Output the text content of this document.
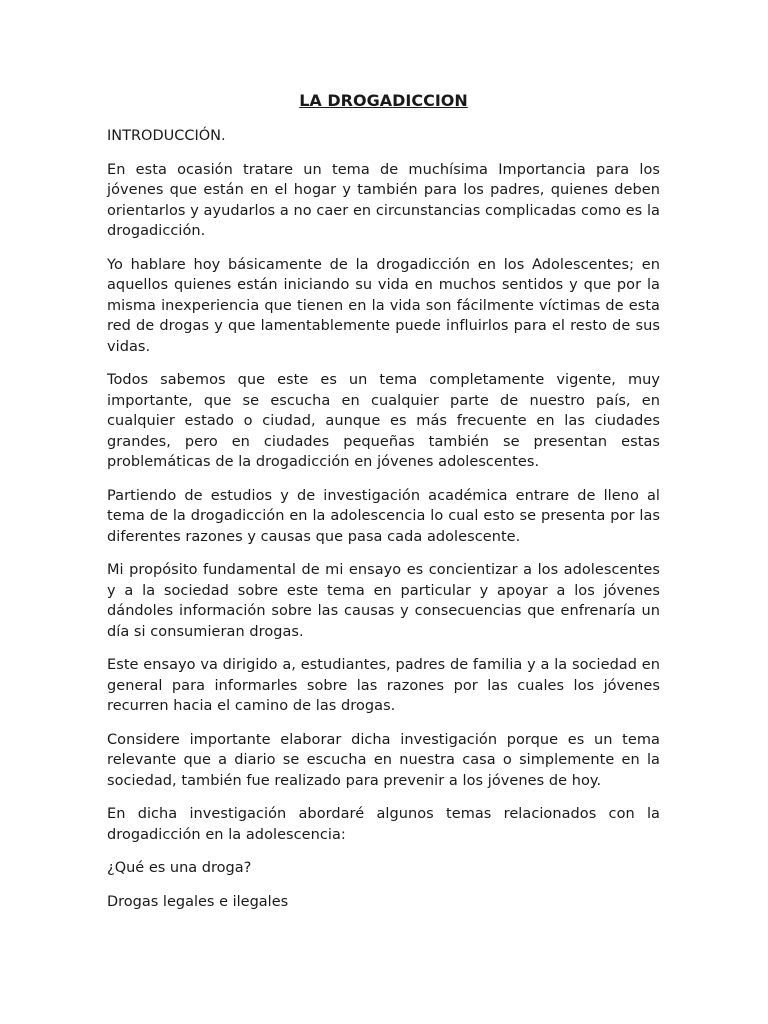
LA DROGADICCION
INTRODUCCIÓN.
En esta ocasión tratare un tema de muchísima Importancia para los jóvenes que están en el hogar y también para los padres, quienes deben orientarlos y ayudarlos a no caer en circunstancias complicadas como es la drogadicción.
Yo hablare hoy básicamente de la drogadicción en los Adolescentes; en aquellos quienes están iniciando su vida en muchos sentidos y que por la misma inexperiencia que tienen en la vida son fácilmente víctimas de esta red de drogas y que lamentablemente puede influirlos para el resto de sus vidas.
Todos sabemos que este es un tema completamente vigente, muy importante, que se escucha en cualquier parte de nuestro país, en cualquier estado o ciudad, aunque es más frecuente en las ciudades grandes, pero en ciudades pequeñas también se presentan estas problemáticas de la drogadicción en jóvenes adolescentes.
Partiendo de estudios y de investigación académica entrare de lleno al tema de la drogadicción en la adolescencia lo cual esto se presenta por las diferentes razones y causas que pasa cada adolescente.
Mi propósito fundamental de mi ensayo es concientizar a los adolescentes y a la sociedad sobre este tema en particular y apoyar a los jóvenes dándoles información sobre las causas y consecuencias que enfrenaría un día si consumieran drogas.
Este ensayo va dirigido a, estudiantes, padres de familia y a la sociedad en general para informarles sobre las razones por las cuales los jóvenes recurren hacia el camino de las drogas.
Considere importante elaborar dicha investigación porque es un tema relevante que a diario se escucha en nuestra casa o simplemente en la sociedad, también fue realizado para prevenir a los jóvenes de hoy.
En dicha investigación abordaré algunos temas relacionados con la drogadicción en la adolescencia:
¿Qué es una droga?
Drogas legales e ilegales
